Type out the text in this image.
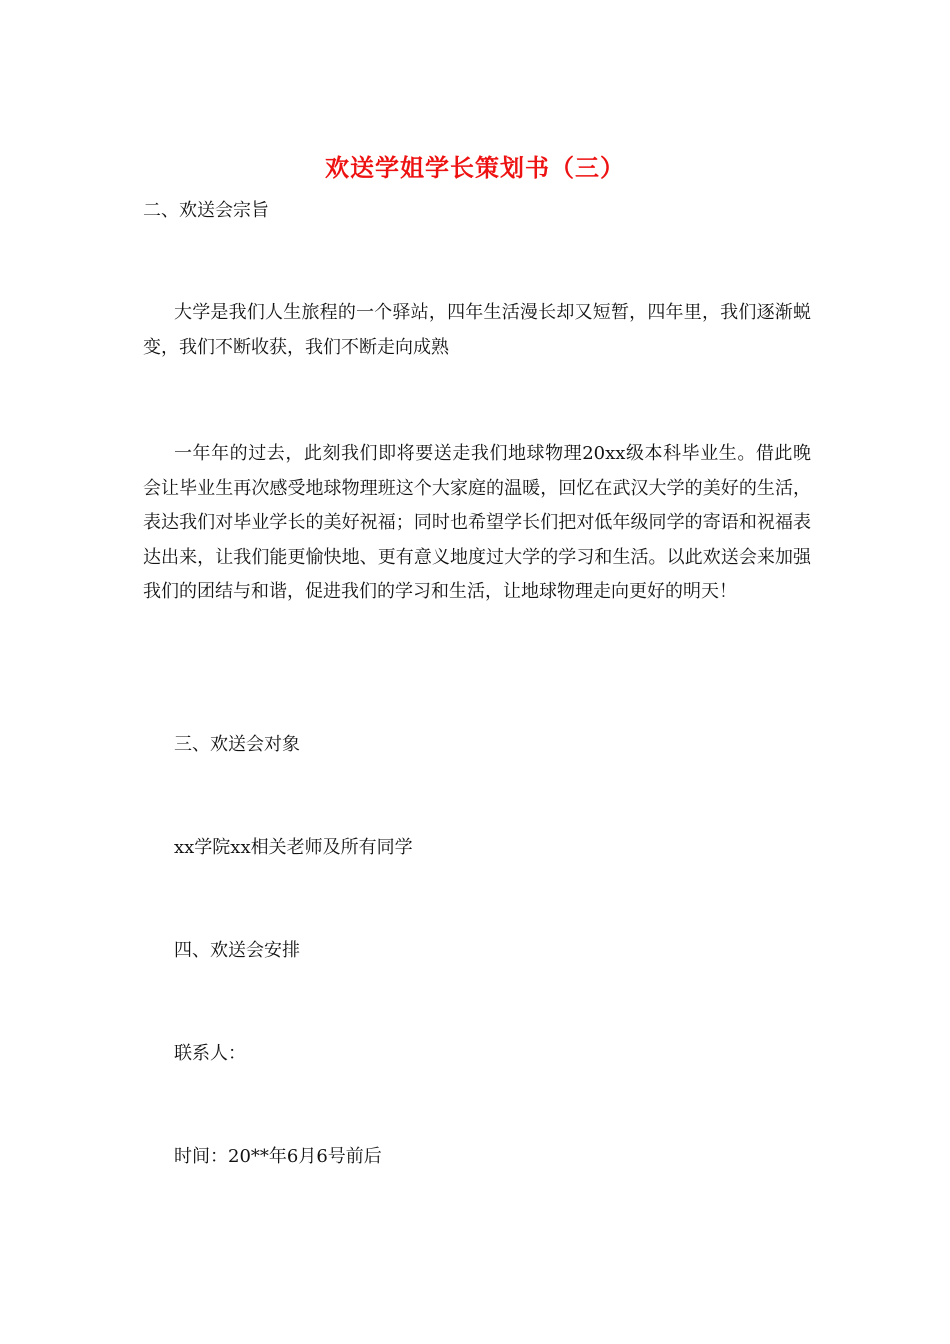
欢送学姐学长策划书（三）
二、欢送会宗旨
大学是我们人生旅程的一个驿站，四年生活漫长却又短暂，四年里，我们逐渐蜕变，我们不断收获，我们不断走向成熟
一年年的过去，此刻我们即将要送走我们地球物理20xx级本科毕业生。借此晚会让毕业生再次感受地球物理班这个大家庭的温暖，回忆在武汉大学的美好的生活，表达我们对毕业学长的美好祝福；同时也希望学长们把对低年级同学的寄语和祝福表达出来，让我们能更愉快地、更有意义地度过大学的学习和生活。以此欢送会来加强我们的团结与和谐，促进我们的学习和生活，让地球物理走向更好的明天！
三、欢送会对象
xx学院xx相关老师及所有同学
四、欢送会安排
联系人：
时间：20**年6月6号前后
